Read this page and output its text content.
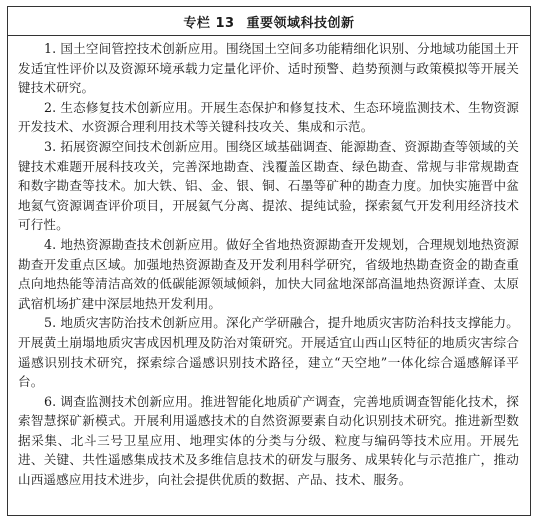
专栏 13 重要领域科技创新

1. 国土空间管控技术创新应用。围绕国土空间多功能精细化识别、分地域功能国土开发适宜性评价以及资源环境承载力定量化评价、适时预警、趋势预测与政策模拟等开展关键技术研究。

2. 生态修复技术创新应用。开展生态保护和修复技术、生态环境监测技术、生物资源开发技术、水资源合理利用技术等关键科技攻关、集成和示范。

3. 拓展资源空间技术创新应用。围绕区域基础调查、能源勘查、资源勘查等领域的关键技术难题开展科技攻关，完善深地勘查、浅覆盖区勘查、绿色勘查、常规与非常规勘查和数字勘查等技术。加大铁、铝、金、银、铜、石墨等矿种的勘查力度。加快实施晋中盆地氦气资源调查评价项目，开展氦气分离、提浓、提纯试验，探索氦气开发利用经济技术可行性。

4. 地热资源勘查技术创新应用。做好全省地热资源勘查开发规划，合理规划地热资源勘查开发重点区域。加强地热资源勘查及开发利用科学研究，省级地热勘查资金的勘查重点向地热能等清洁高效的低碳能源领域倾斜，加快大同盆地深部高温地热资源详查、太原武宿机场扩建中深层地热开发利用。

5. 地质灾害防治技术创新应用。深化产学研融合，提升地质灾害防治科技支撑能力。开展黄土崩塌地质灾害成因机理及防治对策研究。开展适宜山西山区特征的地质灾害综合遥感识别技术研究，探索综合遥感识别技术路径，建立“天空地”一体化综合遥感解译平台。

6. 调查监测技术创新应用。推进智能化地质矿产调查，完善地质调查智能化技术，探索智慧探矿新模式。开展利用遥感技术的自然资源要素自动化识别技术研究。推进新型数据采集、北斗三号卫星应用、地理实体的分类与分级、粒度与编码等技术应用。开展先进、关键、共性遥感集成技术及多维信息技术的研发与服务、成果转化与示范推广，推动山西遥感应用技术进步，向社会提供优质的数据、产品、技术、服务。
